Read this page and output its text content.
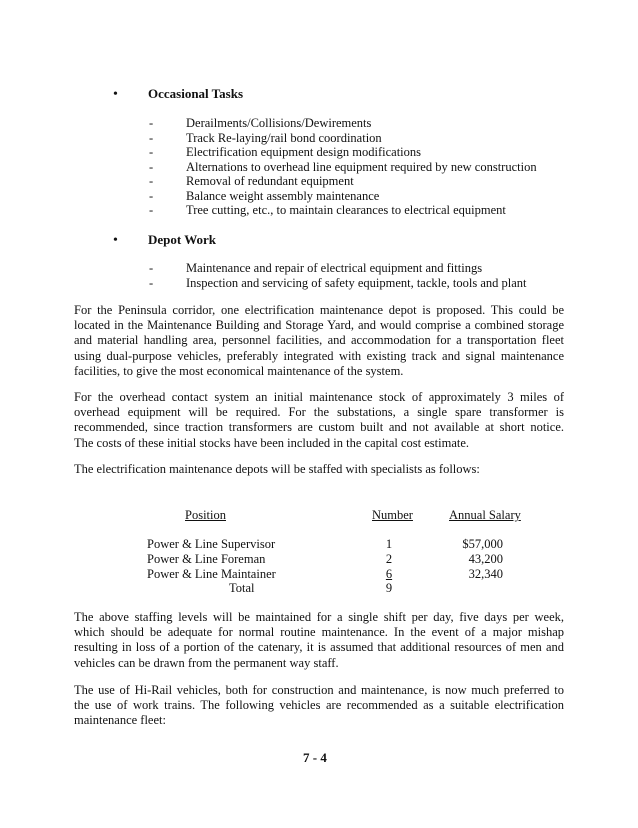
• Occasional Tasks
-	Derailments/Collisions/Dewirements
-	Track Re-laying/rail bond coordination
-	Electrification equipment design modifications
-	Alternations to overhead line equipment required by new construction
-	Removal of redundant equipment
-	Balance weight assembly maintenance
-	Tree cutting, etc., to maintain clearances to electrical equipment
• Depot Work
-	Maintenance and repair of electrical equipment and fittings
-	Inspection and servicing of safety equipment, tackle, tools and plant
For the Peninsula corridor, one electrification maintenance depot is proposed. This could be
located in the Maintenance Building and Storage Yard, and would comprise a combined storage
and material handling area, personnel facilities, and accommodation for a transportation fleet
using dual-purpose vehicles, preferably integrated with existing track and signal maintenance
facilities, to give the most economical maintenance of the system.
For the overhead contact system an initial maintenance stock of approximately 3 miles of
overhead equipment will be required. For the substations, a single spare transformer is
recommended, since traction transformers are custom built and not available at short notice.
The costs of these initial stocks have been included in the capital cost estimate.
The electrification maintenance depots will be staffed with specialists as follows:
Position	Number	Annual Salary
Power & Line Supervisor	1	$57,000
Power & Line Foreman	2	43,200
Power & Line Maintainer	6	32,340
Total	9
The above staffing levels will be maintained for a single shift per day, five days per week,
which should be adequate for normal routine maintenance. In the event of a major mishap
resulting in loss of a portion of the catenary, it is assumed that additional resources of men and
vehicles can be drawn from the permanent way staff.
The use of Hi-Rail vehicles, both for construction and maintenance, is now much preferred to
the use of work trains. The following vehicles are recommended as a suitable electrification
maintenance fleet:
7 - 4
